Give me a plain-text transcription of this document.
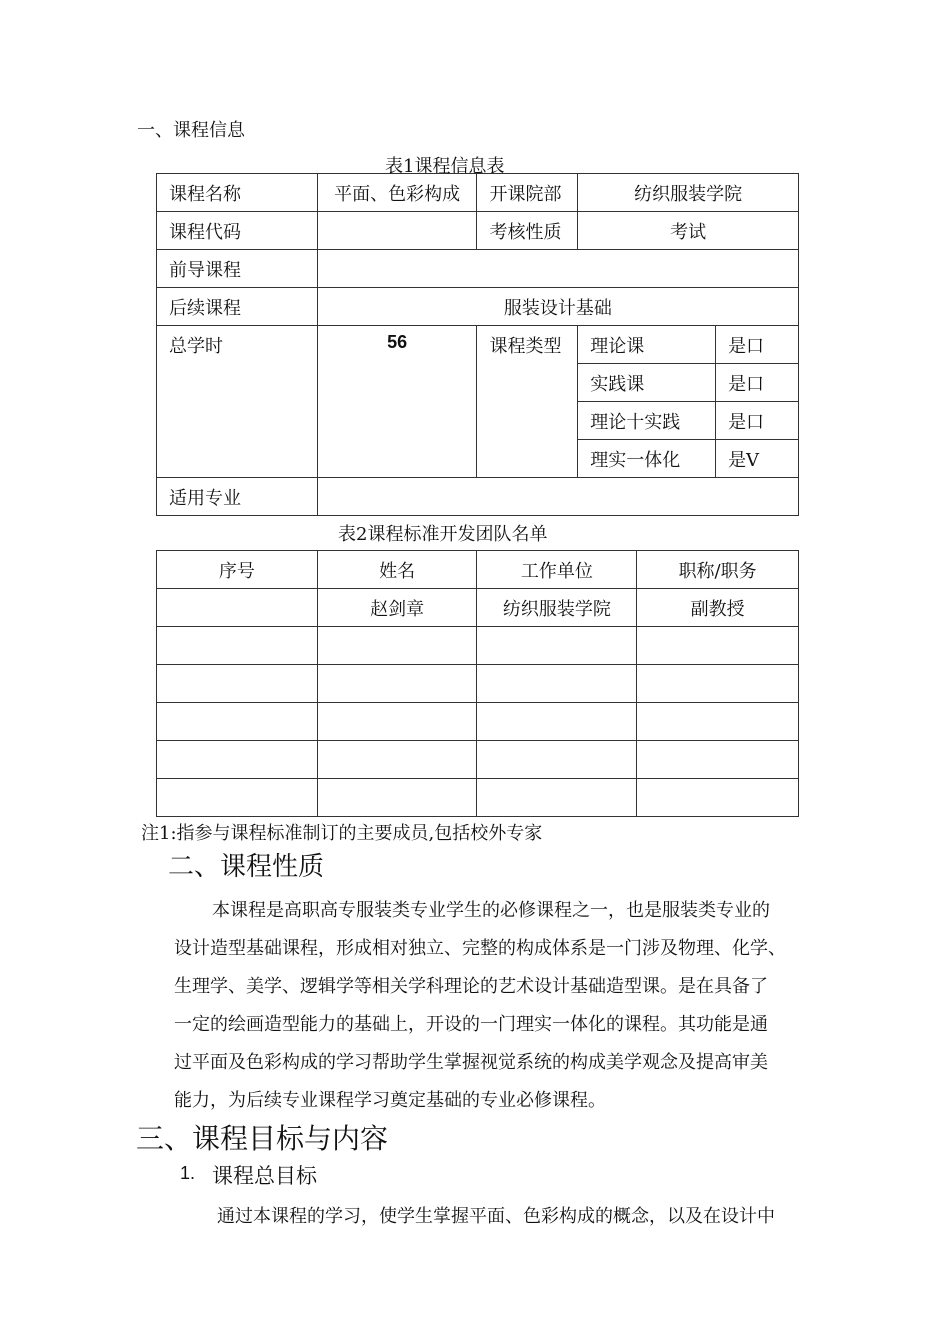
一、课程信息
表1课程信息表
课程名称	平面、色彩构成	开课院部	纺织服装学院	
课程代码		考核性质	考试	
前导课程				
后续课程	服装设计基础			
总学时	56	课程类型	理论课	是口
			实践课	是口
			理论十实践	是口
			理实一体化	是V
适用专业				
表2课程标准开发团队名单
序号	姓名	工作单位	职称/职务
	赵剑章	纺织服装学院	副教授

注1:指参与课程标准制订的主要成员,包括校外专家
二、课程性质
本课程是高职高专服装类专业学生的必修课程之一，也是服装类专业的
设计造型基础课程，形成相对独立、完整的构成体系是一门涉及物理、化学、
生理学、美学、逻辑学等相关学科理论的艺术设计基础造型课。是在具备了
一定的绘画造型能力的基础上，开设的一门理实一体化的课程。其功能是通
过平面及色彩构成的学习帮助学生掌握视觉系统的构成美学观念及提高审美
能力，为后续专业课程学习奠定基础的专业必修课程。
三、课程目标与内容
1. 课程总目标
通过本课程的学习，使学生掌握平面、色彩构成的概念，以及在设计中
